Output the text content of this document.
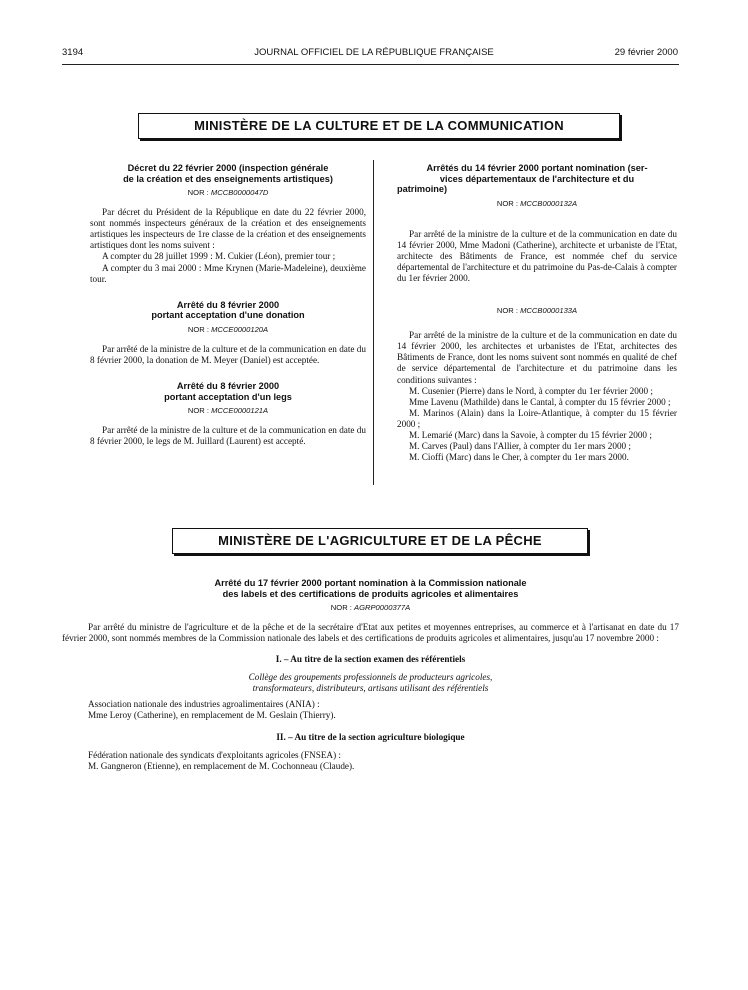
3194	JOURNAL OFFICIEL DE LA RÉPUBLIQUE FRANÇAISE	29 février 2000
MINISTÈRE DE LA CULTURE ET DE LA COMMUNICATION

Décret du 22 février 2000 (inspection générale

de la création et des enseignements artistiques)

NOR : MCCB0000047D

Par décret du Président de la République en date du 22 février 2000, sont nommés inspecteurs généraux de la création et des enseignements artistiques les inspecteurs de 1re classe de la création et des enseignements artistiques dont les noms suivent :

A compter du 28 juillet 1999 : M. Cukier (Léon), premier tour ;

A compter du 3 mai 2000 : Mme Krynen (Marie-Madeleine), deuxième tour.

Arrêté du 8 février 2000

portant acceptation d'une donation

NOR : MCCE0000120A

Par arrêté de la ministre de la culture et de la communication en date du 8 février 2000, la donation de M. Meyer (Daniel) est acceptée.

Arrêté du 8 février 2000

portant acceptation d'un legs

NOR : MCCE0000121A

Par arrêté de la ministre de la culture et de la communication en date du 8 février 2000, le legs de M. Juillard (Laurent) est accepté.

Arrêtés du 14 février 2000 portant nomination (ser-

vices départementaux de l'architecture et du

patrimoine)

NOR : MCCB0000132A

Par arrêté de la ministre de la culture et de la communication en date du 14 février 2000, Mme Madoni (Catherine), architecte et urbaniste de l'Etat, architecte des Bâtiments de France, est nommée chef du service départemental de l'architecture et du patrimoine du Pas-de-Calais à compter du 1er février 2000.

NOR : MCCB0000133A

Par arrêté de la ministre de la culture et de la communication en date du 14 février 2000, les architectes et urbanistes de l'Etat, architectes des Bâtiments de France, dont les noms suivent sont nommés en qualité de chef de service départemental de l'architecture et du patrimoine dans les conditions suivantes :

M. Cusenier (Pierre) dans le Nord, à compter du 1er février 2000 ;

Mme Lavenu (Mathilde) dans le Cantal, à compter du 15 février 2000 ;

M. Marinos (Alain) dans la Loire-Atlantique, à compter du 15 février 2000 ;

M. Lemarié (Marc) dans la Savoie, à compter du 15 février 2000 ;

M. Carves (Paul) dans l'Allier, à compter du 1er mars 2000 ;

M. Cioffi (Marc) dans le Cher, à compter du 1er mars 2000.

MINISTÈRE DE L'AGRICULTURE ET DE LA PÊCHE

Arrêté du 17 février 2000 portant nomination à la Commission nationale

des labels et des certifications de produits agricoles et alimentaires

NOR : AGRP0000377A

Par arrêté du ministre de l'agriculture et de la pêche et de la secrétaire d'Etat aux petites et moyennes entreprises, au commerce et à l'artisanat en date du 17 février 2000, sont nommés membres de la Commission nationale des labels et des certifications de produits agricoles et alimentaires, jusqu'au 17 novembre 2000 :

I. – Au titre de la section examen des référentiels

Collège des groupements professionnels de producteurs agricoles,

transformateurs, distributeurs, artisans utilisant des référentiels

Association nationale des industries agroalimentaires (ANIA) :

Mme Leroy (Catherine), en remplacement de M. Geslain (Thierry).

II. – Au titre de la section agriculture biologique

Fédération nationale des syndicats d'exploitants agricoles (FNSEA) :

M. Gangneron (Etienne), en remplacement de M. Cochonneau (Claude).
